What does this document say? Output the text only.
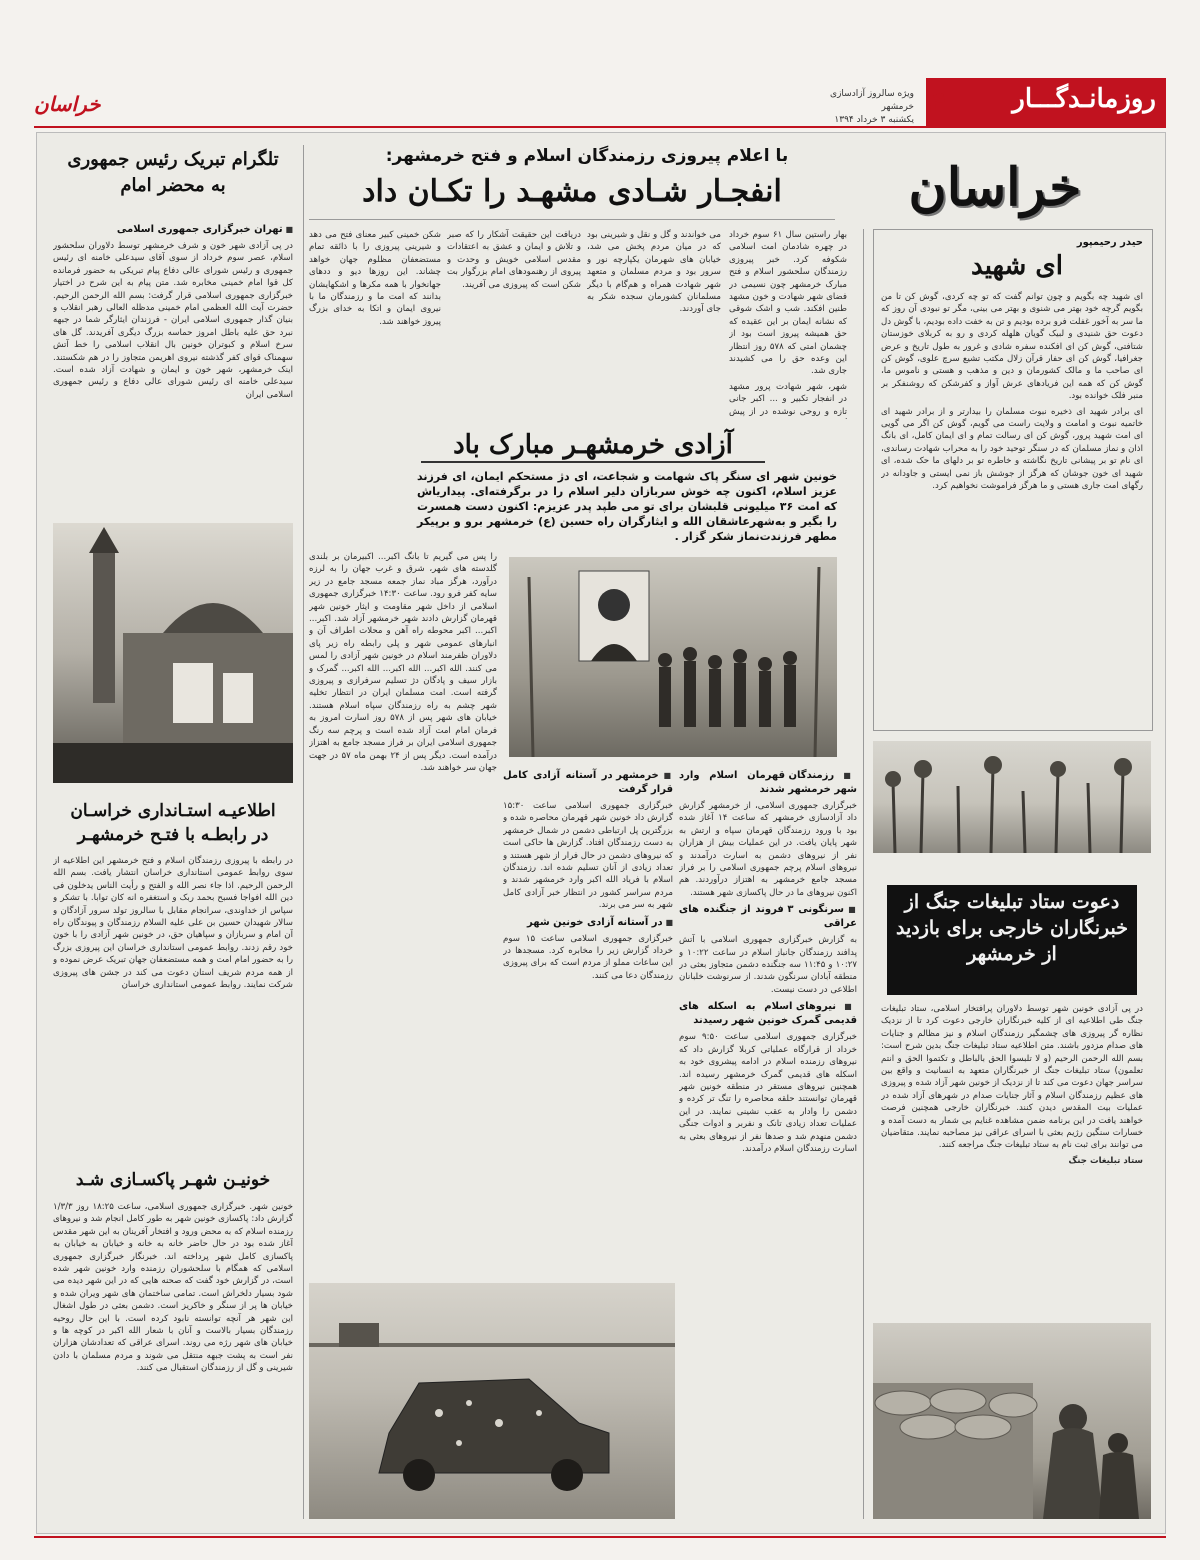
روزمانـدگـــار
۴
ویژه سالروز آزادسازی خرمشهر
یکشنبه ۳ خرداد ۱۳۹۴
خراسان
خراسان
با اعلام پیروزی رزمندگان اسلام و فتح خرمشهر:
انفجـار شـادی مشهـد را تکـان داد

بهار راستین سال ۶۱ سوم خرداد در چهره شادمان امت اسلامی شکوفه کرد. خبر پیروزی رزمندگان سلحشور اسلام و فتح مبارک خرمشهر چون نسیمی در فضای شهر شهادت و خون مشهد طنین افکند. شب و اشک شوقی که نشانه ایمان بر این عقیده که حق همیشه پیروز است بود از چشمان امتی که ۵۷۸ روز انتظار این وعده حق را می کشیدند جاری شد.

شهر، شهر شهادت پرور مشهد در انفجار تکبیر و ... اکبر جانی تازه و روحی نوشده در از پیش

می خواندند و گل و نقل و شیرینی بود که در میان مردم پخش می شد، خیابان های شهرمان یکپارچه نور و سرور بود و مردم مسلمان و متعهد شهر شهادت همراه و هم‌گام با دیگر مسلمانان کشورمان سجده شکر به جای آوردند.

دریافت این حقیقت آشکار را که صبر و تلاش و ایمان و عشق به اعتقادات مقدس اسلامی خویش و وحدت و پیروی از رهنمودهای امام بزرگوار بت شکن است که پیروزی می آفریند.

شکن خمینی کبیر معنای فتح می دهد و شیرینی پیروزی را با ذائقه تمام مستضعفان مظلوم جهان خواهد چشاند. این روزها دیو و ددهای جهانخوار با همه مکرها و اشکهایشان بدانند که امت ما و رزمندگان ما با نیروی ایمان و اتکا به خدای بزرگ پیروز خواهند شد.

حیدر رحیمپور
ای شهید

ای شهید چه بگویم و چون توانم گفت که تو چه کردی، گوش کن تا من بگویم گرچه خود بهتر می شنوی و بهتر می بینی، مگر تو نبودی آن روز که ما سر به آخور غفلت فرو برده بودیم و تن به خفت داده بودیم، با گوش دل دعوت حق شنیدی و لبیک گویان هلهله کردی و رو به کربلای خوزستان شتافتی، گوش کن ای افکنده سفره شادی و غرور به طول تاریخ و عرض جغرافیا، گوش کن ای حفار قرآن زلال مکتب تشیع سرچ علوی، گوش کن ای صاحب ما و مالک کشورمان و دین و مذهب و هستی و ناموس ما، گوش کن که همه این فریادهای عرش آواز و کفرشکن که روشنفکر بر منبر فلک خوانده بود.

ای برادر شهید ای ذخیره نبوت مسلمان را بیدارتر و از برادر شهید ای خاتمیه نبوت و امامت و ولایت راست می گویم، گوش کن اگر می گویی ای امت شهید پرور، گوش کن ای رسالت تمام و ای ایمان کامل، ای بانگ اذان و نماز مسلمان که در سنگر توحید خود را به محراب شهادت رساندی، ای نام تو بر پیشانی تاریخ نگاشته و خاطره تو بر دلهای ما حک شده، ای شهید ای خون جوشان که هرگز از جوشش باز نمی ایستی و جاودانه در رگهای امت جاری هستی و ما هرگز فراموشت نخواهیم کرد.

دعوت ستاد تبلیغات جنگ از خبرنگاران خارجی برای بازدید از خرمشهر

در پی آزادی خونین شهر توسط دلاوران پرافتخار اسلامی، ستاد تبلیغات جنگ طی اطلاعیه ای از کلیه خبرنگاران خارجی دعوت کرد تا از نزدیک نظاره گر پیروزی های چشمگیر رزمندگان اسلام و نیز مظالم و جنایات های صدام مزدور باشند. متن اطلاعیه ستاد تبلیغات جنگ بدین شرح است: بسم الله الرحمن الرحیم (و لا تلبسوا الحق بالباطل و تکتموا الحق و انتم تعلمون) ستاد تبلیغات جنگ از خبرنگاران متعهد به انسانیت و واقع بین سراسر جهان دعوت می کند تا از نزدیک از خونین شهر آزاد شده و پیروزی های عظیم رزمندگان اسلام و آثار جنایات صدام در شهرهای آزاد شده در عملیات بیت المقدس دیدن کنند. خبرنگاران خارجی همچنین فرصت خواهند یافت در این برنامه ضمن مشاهده غنایم بی شمار به دست آمده و خسارات سنگین رژیم بعثی با اسرای عراقی نیز مصاحبه نمایند. متقاضیان می توانند برای ثبت نام به ستاد تبلیغات جنگ مراجعه کنند.

ستاد تبلیغات جنگ

آزادی خرمشهـر مبارک باد
خونین شهر ای سنگر پاک شهامت و شجاعت، ای دژ مستحکم ایمان، ای فرزند عزیز اسلام، اکنون چه خوش سربازان دلیر اسلام را در برگرفته‌ای. پیداریاش که امت ۳۶ میلیونی قلبشان برای تو می طپد پدر عزیزم: اکنون دست همسرت را بگیر و به‌شهرعاشقان الله و ایثارگران راه حسین (ع) خرمشهر برو و برپیکر مطهر فرزندت‌نماز شکر گزار .

را پس می گیریم تا بانگ اکبر... اکبیرمان بر بلندی گلدسته های شهر، شرق و غرب جهان را به لرزه درآورد، هرگز مباد نماز جمعه مسجد جامع در زیر سایه کفر فرو رود. ساعت ۱۴:۳۰ خبرگزاری جمهوری اسلامی از داخل شهر مقاومت و ایثار خونین شهر قهرمان گزارش دادند شهر خرمشهر آزاد شد. اکبر... اکبر... اکبر محوطه راه آهن و محلات اطراف آن و انبارهای عمومی شهر و پلی رابطه راه زیر پای دلاوران ظفرمند اسلام در خونین شهر آزادی را لمس می کنند. الله اکبر... الله اکبر... الله اکبر... گمرک و بازار سیف و پادگان دژ تسلیم سرفرازی و پیروزی گرفته است. امت مسلمان ایران در انتظار تخلیه شهر چشم به راه رزمندگان سپاه اسلام هستند. خیابان های شهر پس از ۵۷۸ روز اسارت امروز به فرمان امام امت آزاد شده است و پرچم سه رنگ جمهوری اسلامی ایران بر فراز مسجد جامع به اهتزاز درآمده است. دیگر پس از ۲۴ بهمن ماه ۵۷ در جهت جهان سر خواهند شد.

■ رزمندگان قهرمان اسلام وارد شهر خرمشهر شدند

خبرگزاری جمهوری اسلامی، از خرمشهر گزارش داد آزادسازی خرمشهر که ساعت ۱۴ آغاز شده بود با ورود رزمندگان قهرمان سپاه و ارتش به شهر پایان یافت. در این عملیات بیش از هزاران نفر از نیروهای دشمن به اسارت درآمدند و نیروهای اسلام پرچم جمهوری اسلامی را بر فراز مسجد جامع خرمشهر به اهتزاز درآوردند. هم اکنون نیروهای ما در حال پاکسازی شهر هستند.

■ سرنگونی ۳ فروند از جنگنده های عراقی

به گزارش خبرگزاری جمهوری اسلامی با آتش پدافند رزمندگان جانباز اسلام در ساعت ۱۰:۲۲ و ۱۰:۲۷ و ۱۱:۴۵ سه جنگنده دشمن متجاوز بعثی در منطقه آبادان سرنگون شدند. از سرنوشت خلبانان اطلاعی در دست نیست.

■ نیروهای اسلام به اسکله های قدیمی گمرک خونین شهر رسیدند

خبرگزاری جمهوری اسلامی ساعت ۹:۵۰ سوم خرداد از قرارگاه عملیاتی کربلا گزارش داد که نیروهای رزمنده اسلام در ادامه پیشروی خود به اسکله های قدیمی گمرک خرمشهر رسیده اند. همچنین نیروهای مستقر در منطقه خونین شهر قهرمان توانستند حلقه محاصره را تنگ تر کرده و دشمن را وادار به عقب نشینی نمایند. در این عملیات تعداد زیادی تانک و نفربر و ادوات جنگی دشمن منهدم شد و صدها نفر از نیروهای بعثی به اسارت رزمندگان اسلام درآمدند.

■ خرمشهر در آستانه آزادی کامل قرار گرفت

خبرگزاری جمهوری اسلامی ساعت ۱۵:۳۰ گزارش داد خونین شهر قهرمان محاصره شده و بزرگترین پل ارتباطی دشمن در شمال خرمشهر به دست رزمندگان افتاد. گزارش ها حاکی است که نیروهای دشمن در حال فرار از شهر هستند و تعداد زیادی از آنان تسلیم شده اند. رزمندگان اسلام با فریاد الله اکبر وارد خرمشهر شدند و مردم سراسر کشور در انتظار خبر آزادی کامل شهر به سر می برند.

■ در آستانه آزادی خونین شهر

خبرگزاری جمهوری اسلامی ساعت ۱۵ سوم خرداد گزارش زیر را مخابره کرد. مسجدها در این ساعات مملو از مردم است که برای پیروزی رزمندگان دعا می کنند.

تلگرام تبریک رئیس جمهوری
به محضر امام
■ تهران خبرگزاری جمهوری اسلامی

در پی آزادی شهر خون و شرف خرمشهر توسط دلاوران سلحشور اسلام، عصر سوم خرداد از سوی آقای سیدعلی خامنه ای رئیس جمهوری و رئیس شورای عالی دفاع پیام تبریکی به حضور فرمانده کل قوا امام خمینی مخابره شد. متن پیام به این شرح در اختیار خبرگزاری جمهوری اسلامی قرار گرفت: بسم الله الرحمن الرحیم. حضرت آیت الله العظمی امام خمینی مدظله العالی رهبر انقلاب و بنیان گذار جمهوری اسلامی ایران - فرزندان ایثارگر شما در جبهه نبرد حق علیه باطل امروز حماسه بزرگ دیگری آفریدند. گل های سرخ اسلام و کبوتران خونین بال انقلاب اسلامی را خط آتش سهمناک قوای کفر گذشته نیروی اهریمن متجاوز را در هم شکستند. اینک خرمشهر، شهر خون و ایمان و شهادت آزاد شده است. سیدعلی خامنه ای رئیس شورای عالی دفاع و رئیس جمهوری اسلامی ایران

اطلاعیـه استـانداری خراسـان
در رابطـه با فتـح خرمشهـر

در رابطه با پیروزی رزمندگان اسلام و فتح خرمشهر این اطلاعیه از سوی روابط عمومی استانداری خراسان انتشار یافت. بسم الله الرحمن الرحیم. اذا جاء نصر الله و الفتح و رأیت الناس یدخلون فی دین الله افواجا فسبح بحمد ربک و استغفره انه کان توابا. با تشکر و سپاس از خداوندی، سرانجام مقابل با سالروز تولد سرور آزادگان و سالار شهیدان حسین بن علی علیه السلام رزمندگان و پیوندگان راه آن امام و سربازان و سپاهیان حق، در خونین شهر آزادی را با خون خود رقم زدند. روابط عمومی استانداری خراسان این پیروزی بزرگ را به حضور امام امت و همه مستضعفان جهان تبریک عرض نموده و از همه مردم شریف استان دعوت می کند در جشن های پیروزی شرکت نمایند. روابط عمومی استانداری خراسان

خونیـن شهـر پاکسـازی شـد

خونین شهر. خبرگزاری جمهوری اسلامی، ساعت ۱۸:۲۵ روز ۱/۳/۳ گزارش داد: پاکسازی خونین شهر به طور کامل انجام شد و نیروهای رزمنده اسلام که به محض ورود و افتخار آفرینان به این شهر مقدس آغاز شده بود در حال حاضر خانه به خانه و خیابان به خیابان به پاکسازی کامل شهر پرداخته اند. خبرنگار خبرگزاری جمهوری اسلامی که همگام با سلحشوران رزمنده وارد خونین شهر شده است، در گزارش خود گفت که صحنه هایی که در این شهر دیده می شود بسیار دلخراش است. تمامی ساختمان های شهر ویران شده و خیابان ها پر از سنگر و خاکریز است. دشمن بعثی در طول اشغال این شهر هر آنچه توانسته نابود کرده است. با این حال روحیه رزمندگان بسیار بالاست و آنان با شعار الله اکبر در کوچه ها و خیابان های شهر رژه می روند. اسرای عراقی که تعدادشان هزاران نفر است به پشت جبهه منتقل می شوند و مردم مسلمان با دادن شیرینی و گل از رزمندگان استقبال می کنند.
